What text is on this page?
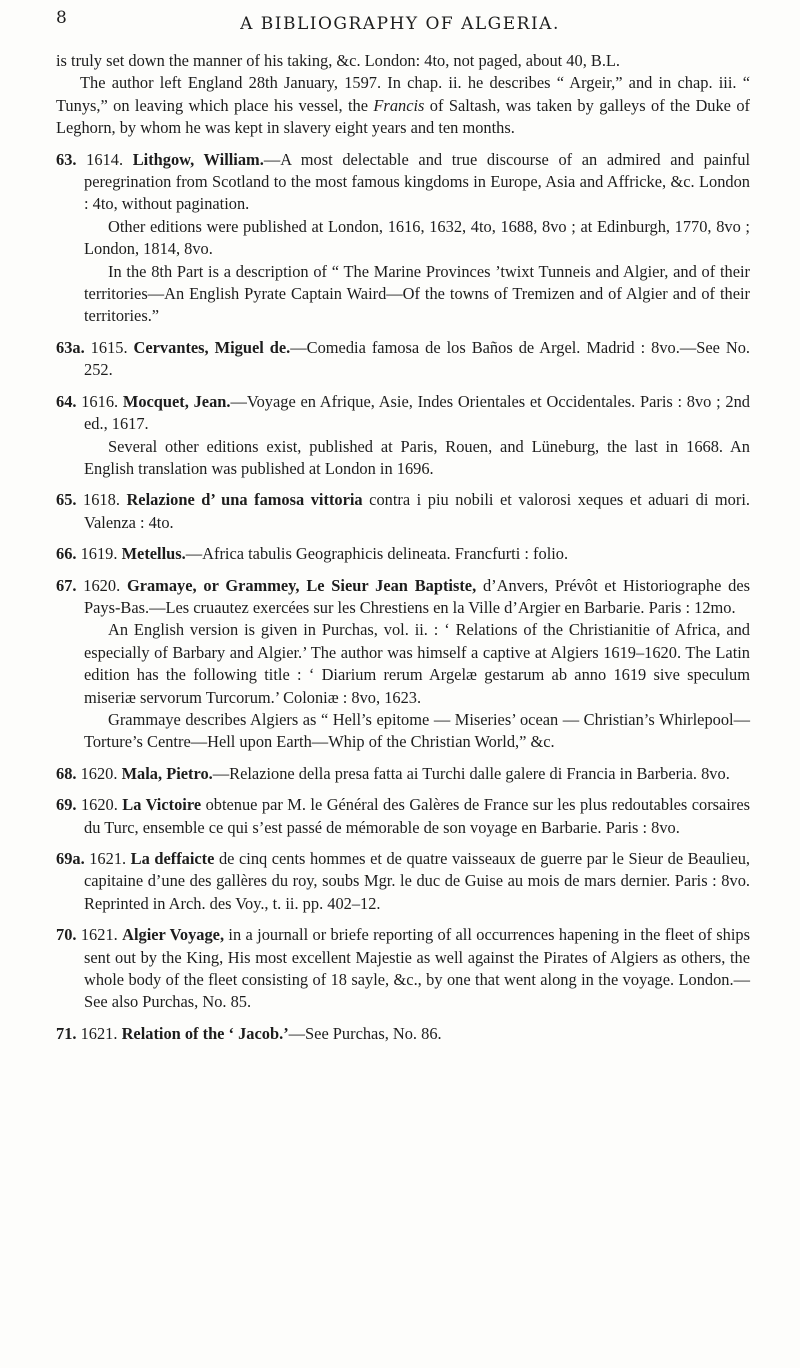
8	A BIBLIOGRAPHY OF ALGERIA.
is truly set down the manner of his taking, &c. London: 4to, not paged, about 40, B.L.
The author left England 28th January, 1597. In chap. ii. he describes “ Argeir,” and in chap. iii. “ Tunys,” on leaving which place his vessel, the Francis of Saltash, was taken by galleys of the Duke of Leghorn, by whom he was kept in slavery eight years and ten months.
63. 1614. Lithgow, William.—A most delectable and true discourse of an admired and painful peregrination from Scotland to the most famous kingdoms in Europe, Asia and Affricke, &c. London : 4to, without pagination.
Other editions were published at London, 1616, 1632, 4to, 1688, 8vo ; at Edinburgh, 1770, 8vo ; London, 1814, 8vo.
In the 8th Part is a description of “ The Marine Provinces ’twixt Tunneis and Algier, and of their territories—An English Pyrate Captain Waird—Of the towns of Tremizen and of Algier and of their territories.”
63a. 1615. Cervantes, Miguel de.—Comedia famosa de los Baños de Argel. Madrid : 8vo.—See No. 252.
64. 1616. Mocquet, Jean.—Voyage en Afrique, Asie, Indes Orientales et Occidentales. Paris : 8vo ; 2nd ed., 1617.
Several other editions exist, published at Paris, Rouen, and Lüneburg, the last in 1668. An English translation was published at London in 1696.
65. 1618. Relazione d’ una famosa vittoria contra i piu nobili et valorosi xeques et aduari di mori. Valenza : 4to.
66. 1619. Metellus.—Africa tabulis Geographicis delineata. Francfurti : folio.
67. 1620. Gramaye, or Grammey, Le Sieur Jean Baptiste, d’Anvers, Prévôt et Historiographe des Pays-Bas.—Les cruautez exercées sur les Chrestiens en la Ville d’Argier en Barbarie. Paris : 12mo.
An English version is given in Purchas, vol. ii. : ‘ Relations of the Christianitie of Africa, and especially of Barbary and Algier.’ The author was himself a captive at Algiers 1619–1620. The Latin edition has the following title : ‘ Diarium rerum Argelæ gestarum ab anno 1619 sive speculum miseriæ servorum Turcorum.’ Coloniæ : 8vo, 1623.
Grammaye describes Algiers as “ Hell’s epitome — Miseries’ ocean — Christian’s Whirlepool—Torture’s Centre—Hell upon Earth—Whip of the Christian World,” &c.
68. 1620. Mala, Pietro.—Relazione della presa fatta ai Turchi dalle galere di Francia in Barberia. 8vo.
69. 1620. La Victoire obtenue par M. le Général des Galères de France sur les plus redoutables corsaires du Turc, ensemble ce qui s’est passé de mémorable de son voyage en Barbarie. Paris : 8vo.
69a. 1621. La deffaicte de cinq cents hommes et de quatre vaisseaux de guerre par le Sieur de Beaulieu, capitaine d’une des gallères du roy, soubs Mgr. le duc de Guise au mois de mars dernier. Paris : 8vo. Reprinted in Arch. des Voy., t. ii. pp. 402–12.
70. 1621. Algier Voyage, in a journall or briefe reporting of all occurrences hapening in the fleet of ships sent out by the King, His most excellent Majestie as well against the Pirates of Algiers as others, the whole body of the fleet consisting of 18 sayle, &c., by one that went along in the voyage. London.—See also Purchas, No. 85.
71. 1621. Relation of the ‘ Jacob.’—See Purchas, No. 86.
